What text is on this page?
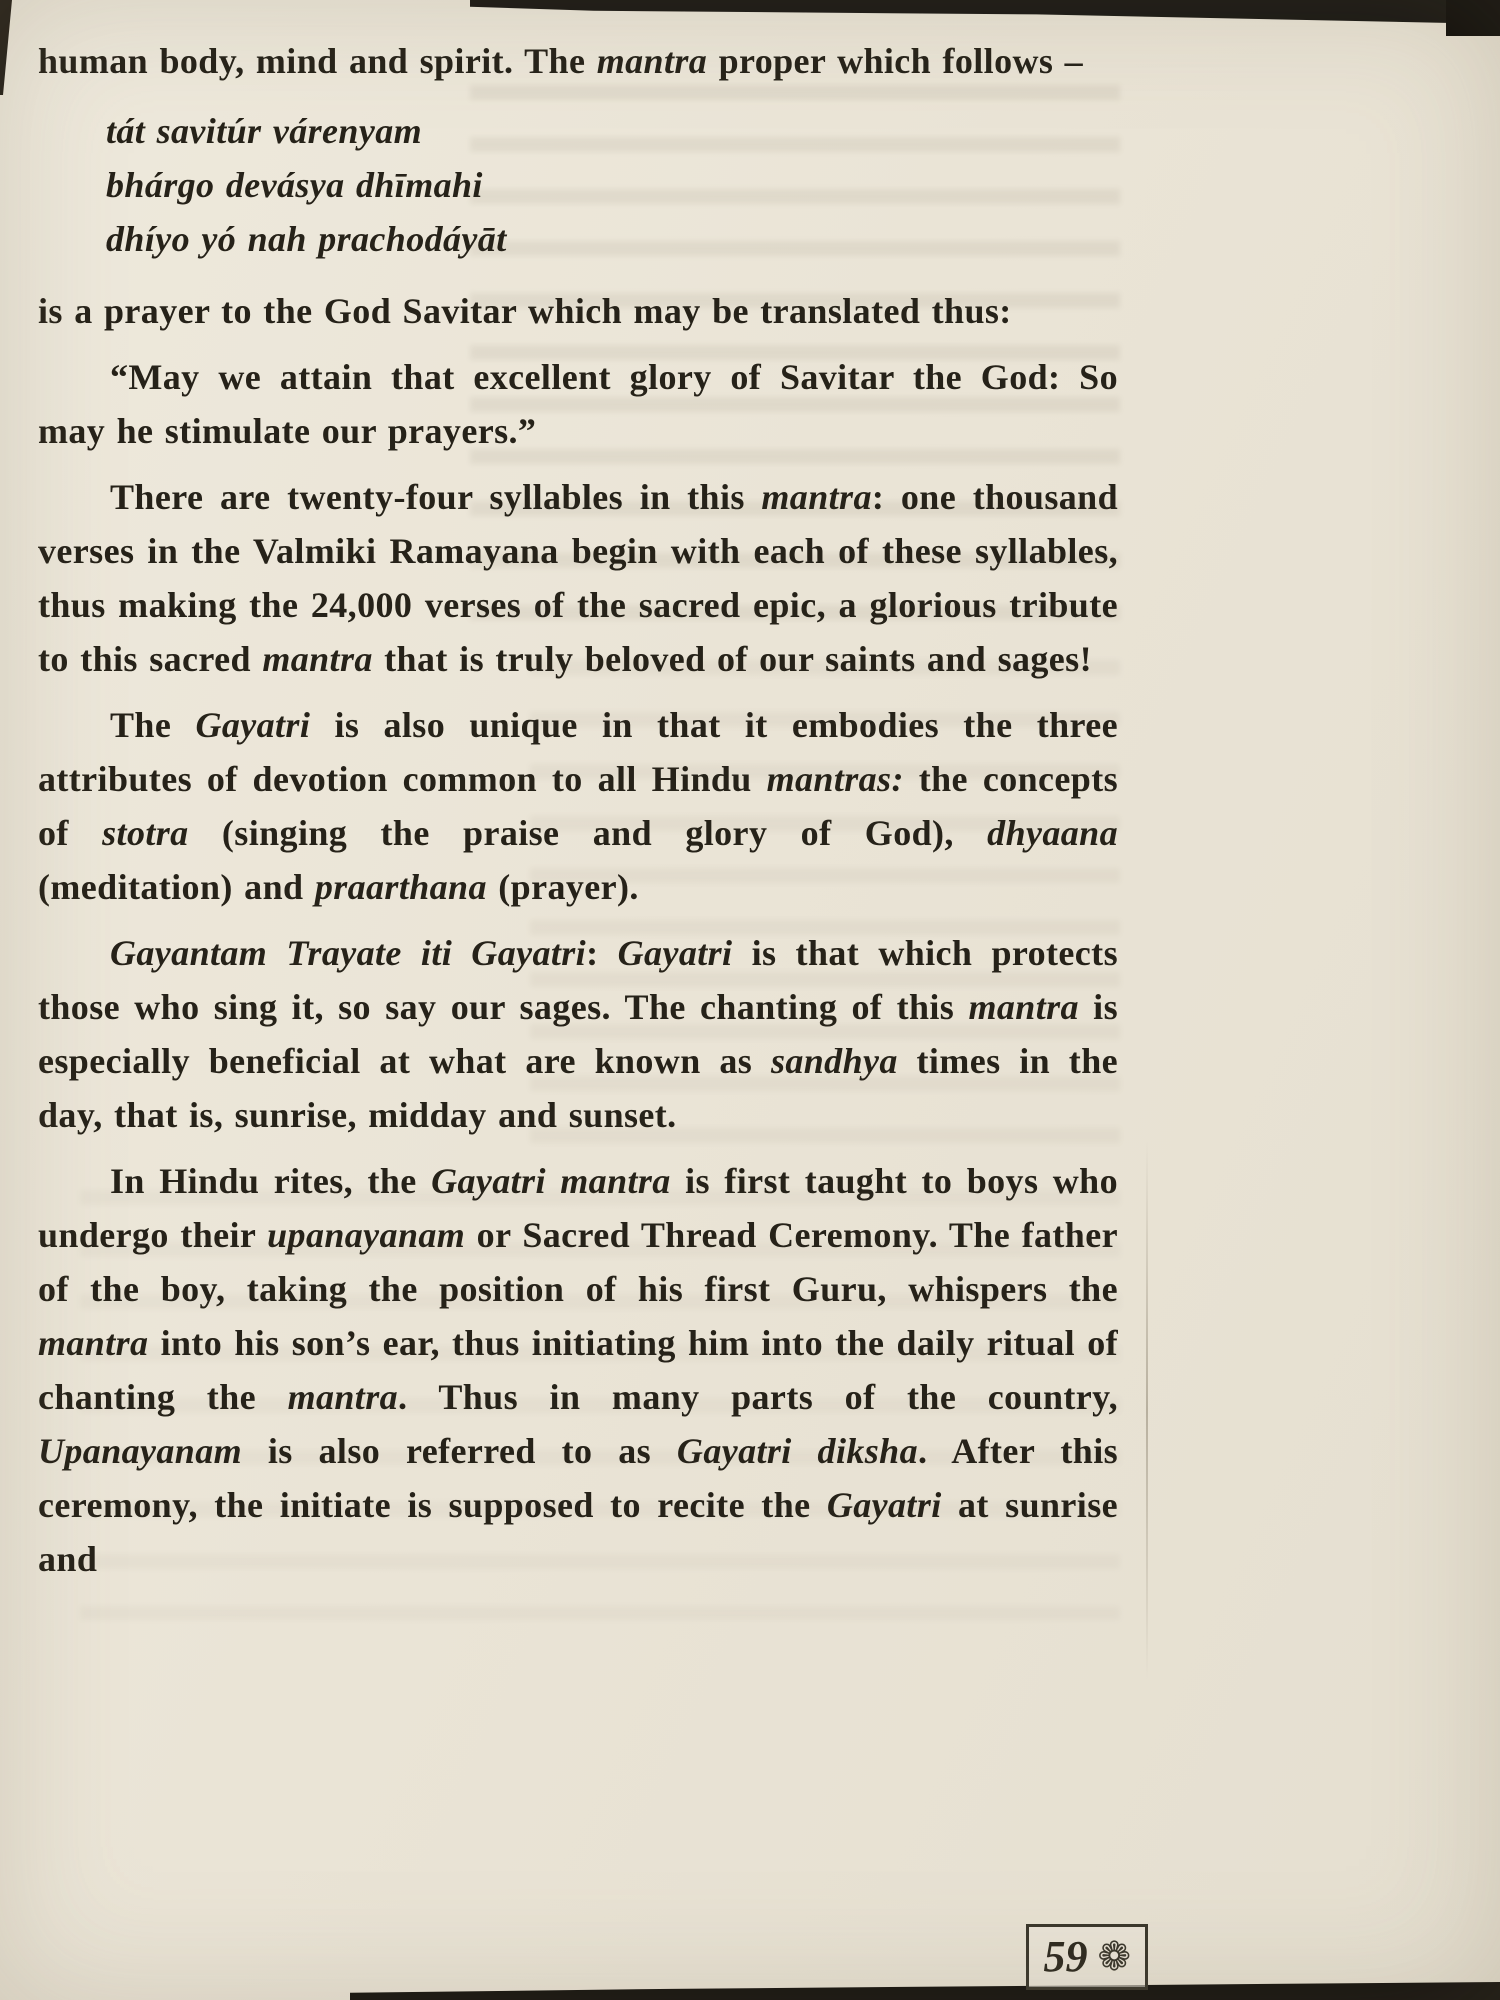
human body, mind and spirit. The mantra proper which follows –

tát savitúr várenyam
bhárgo devásya dhīmahi
dhíyo yó nah prachodáyāt

is a prayer to the God Savitar which may be translated thus:

“May we attain that excellent glory of Savitar the God: So may he stimulate our prayers.”

There are twenty-four syllables in this mantra: one thousand verses in the Valmiki Ramayana begin with each of these syllables, thus making the 24,000 verses of the sacred epic, a glorious tribute to this sacred mantra that is truly beloved of our saints and sages!

The Gayatri is also unique in that it embodies the three attributes of devotion common to all Hindu mantras: the concepts of stotra (singing the praise and glory of God), dhyaana (meditation) and praarthana (prayer).

Gayantam Trayate iti Gayatri: Gayatri is that which protects those who sing it, so say our sages. The chanting of this mantra is especially beneficial at what are known as sandhya times in the day, that is, sunrise, midday and sunset.

In Hindu rites, the Gayatri mantra is first taught to boys who undergo their upanayanam or Sacred Thread Ceremony. The father of the boy, taking the position of his first Guru, whispers the mantra into his son’s ear, thus initiating him into the daily ritual of chanting the mantra. Thus in many parts of the country, Upanayanam is also referred to as Gayatri diksha. After this ceremony, the initiate is supposed to recite the Gayatri at sunrise and

59 ❁
